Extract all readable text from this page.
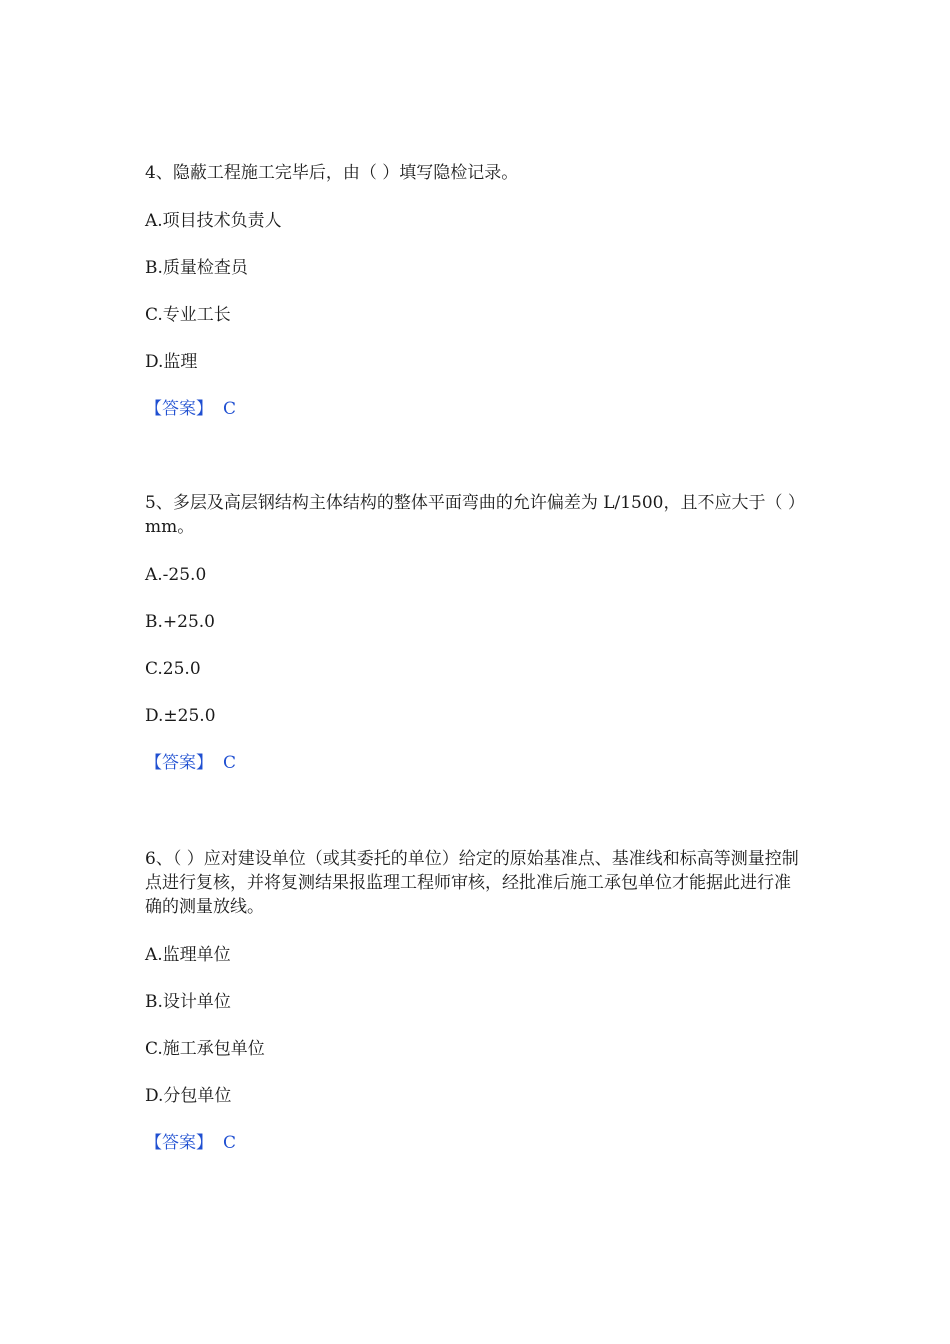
4、隐蔽工程施工完毕后，由（ ）填写隐检记录。

A.项目技术负责人
B.质量检查员
C.专业工长
D.监理
【答案】 C

5、多层及高层钢结构主体结构的整体平面弯曲的允许偏差为 L/1500，且不应大于（ ）mm。

A.-25.0
B.+25.0
C.25.0
D.±25.0
【答案】 C

6、（ ）应对建设单位（或其委托的单位）给定的原始基准点、基准线和标高等测量控制点进行复核，并将复测结果报监理工程师审核，经批准后施工承包单位才能据此进行准确的测量放线。

A.监理单位
B.设计单位
C.施工承包单位
D.分包单位
【答案】 C
